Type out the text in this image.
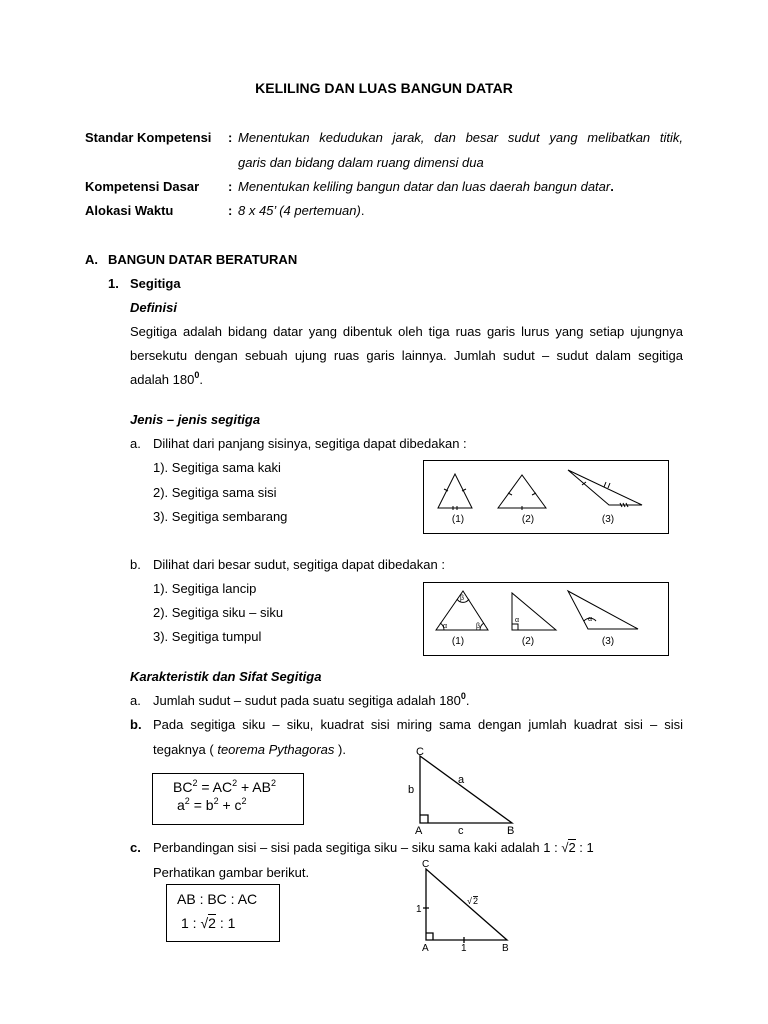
KELILING DAN LUAS BANGUN DATAR
Standar Kompetensi : Menentukan kedudukan jarak, dan besar sudut yang melibatkan titik,
garis dan bidang dalam ruang dimensi dua
Kompetensi Dasar : Menentukan keliling bangun datar dan luas daerah bangun datar.
Alokasi Waktu	: 8 x 45’ (4 pertemuan).
A. BANGUN DATAR BERATURAN
1. Segitiga
Definisi
Segitiga adalah bidang datar yang dibentuk oleh tiga ruas garis lurus yang setiap ujungnya
bersekutu dengan sebuah ujung ruas garis lainnya. Jumlah sudut – sudut dalam segitiga
adalah $180^0$.
Jenis – jenis segitiga
a. Dilihat dari panjang sisinya, segitiga dapat dibedakan :
1). Segitiga sama kaki
2). Segitiga sama sisi
3). Segitiga sembarang	(1)	(2)	(3)
b. Dilihat dari besar sudut, segitiga dapat dibedakan :
1). Segitiga lancip
2). Segitiga siku – siku
3). Segitiga tumpul
β
α	β
α	α
(1)	(2)	(3)
Karakteristik dan Sifat Segitiga
a. Jumlah sudut – sudut pada suatu segitiga adalah $180^0$.
b. Pada segitiga siku – siku, kuadrat sisi miring sama dengan jumlah kuadrat sisi – sisi
tegaknya ( teorema Pythagoras ).
$BC^2 = AC^2 + AB^2$
$a^2 = b^2 + c^2$
C
A	B
a
b
c
c. Perbandingan sisi – sisi pada segitiga siku – siku sama kaki adalah 1 : √2 : 1
Perhatikan gambar berikut.
AB : BC : AC
1 : √2 : 1
C
A	B
1
1
√ 2
